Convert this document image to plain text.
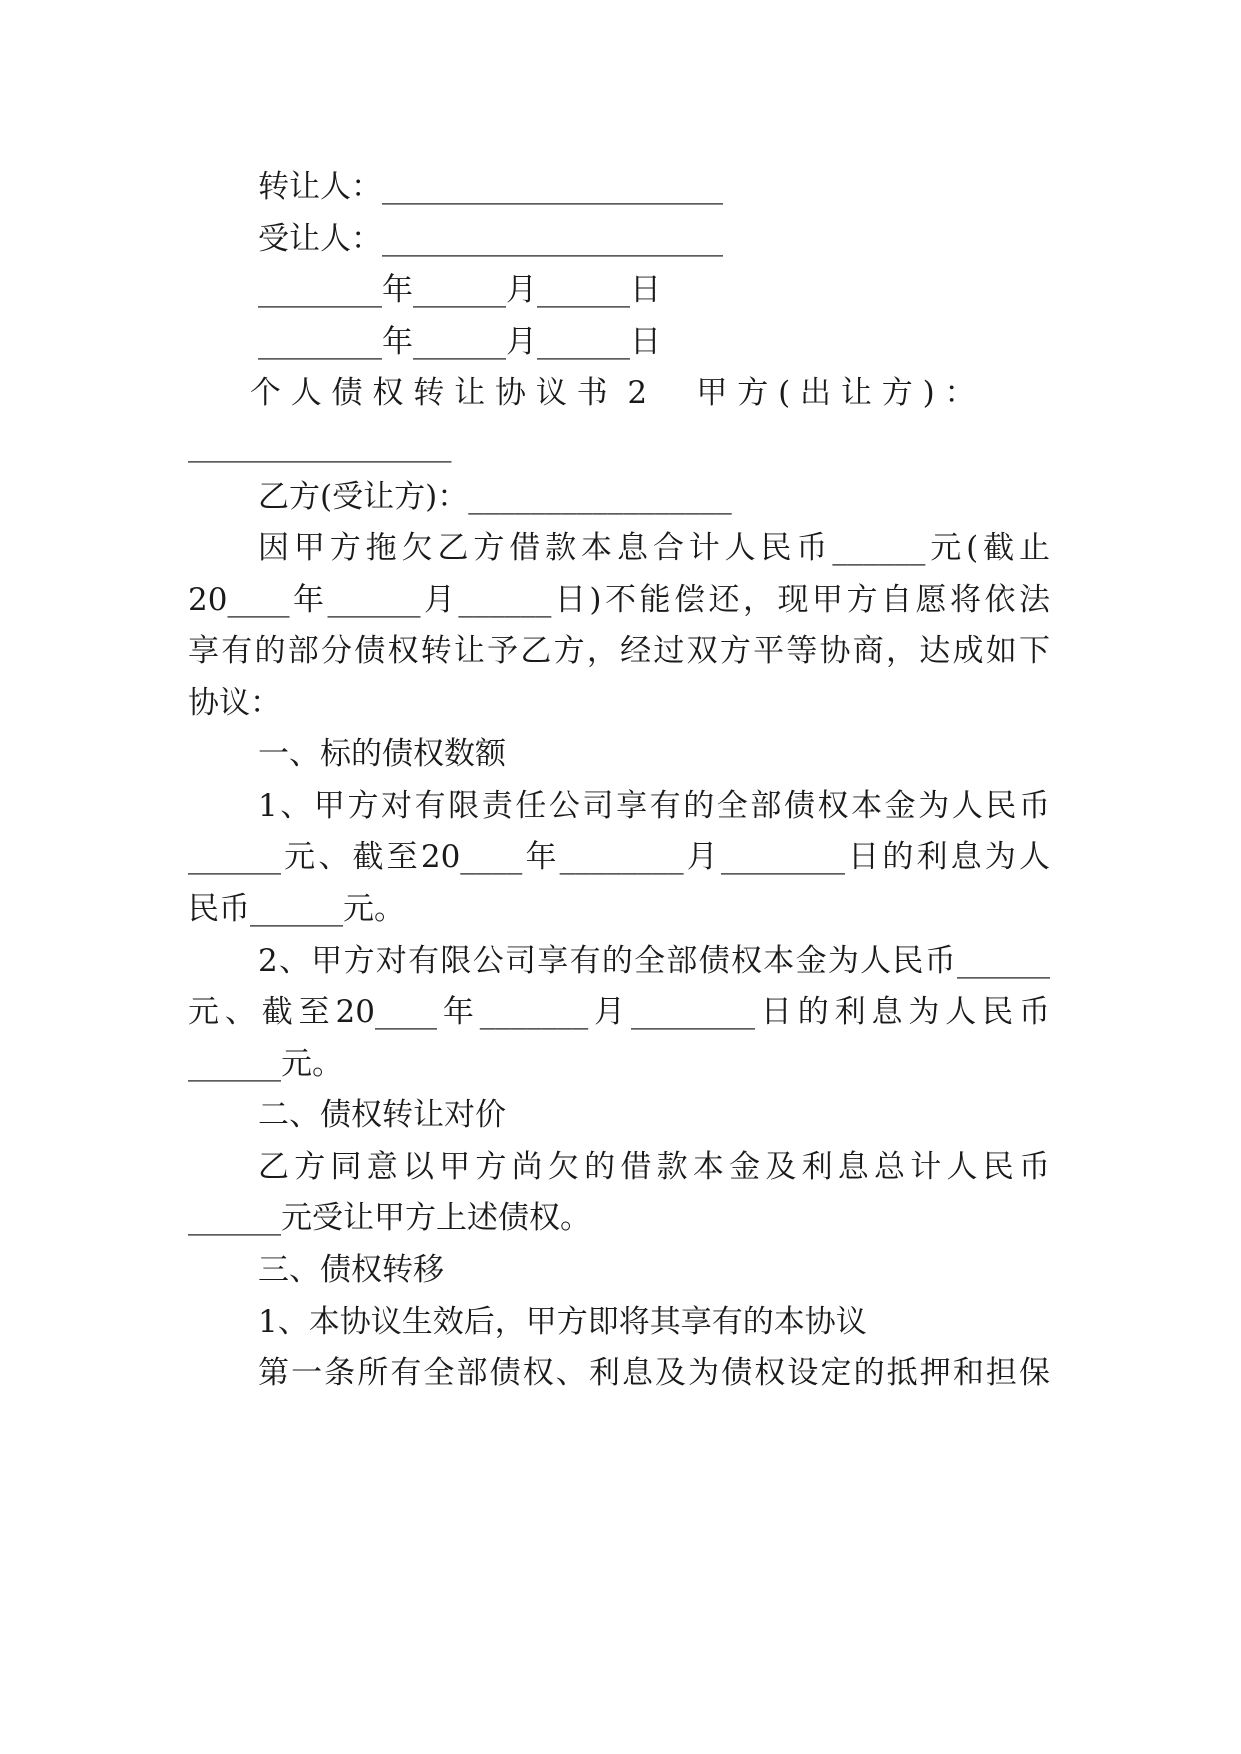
转让人：______________________
受让人：______________________
________年______月______日
________年______月______日
个 人 债 权 转 让 协 议 书  2     甲 方 ( 出 让 方 ) ：
_________________
乙方(受让方)：_________________
因甲方拖欠乙方借款本息合计人民币______元(截止
20____年______月______日)不能偿还，现甲方自愿将依法
享有的部分债权转让予乙方，经过双方平等协商，达成如下
协议：
一、标的债权数额
1、甲方对有限责任公司享有的全部债权本金为人民币
______元、截至20____年________月________日的利息为人
民币______元。
2、甲方对有限公司享有的全部债权本金为人民币______
元、截至20____年_______月________日的利息为人民币
______元。
二、债权转让对价
乙方同意以甲方尚欠的借款本金及利息总计人民币
______元受让甲方上述债权。
三、债权转移
1、本协议生效后，甲方即将其享有的本协议
第一条所有全部债权、利息及为债权设定的抵押和担保
